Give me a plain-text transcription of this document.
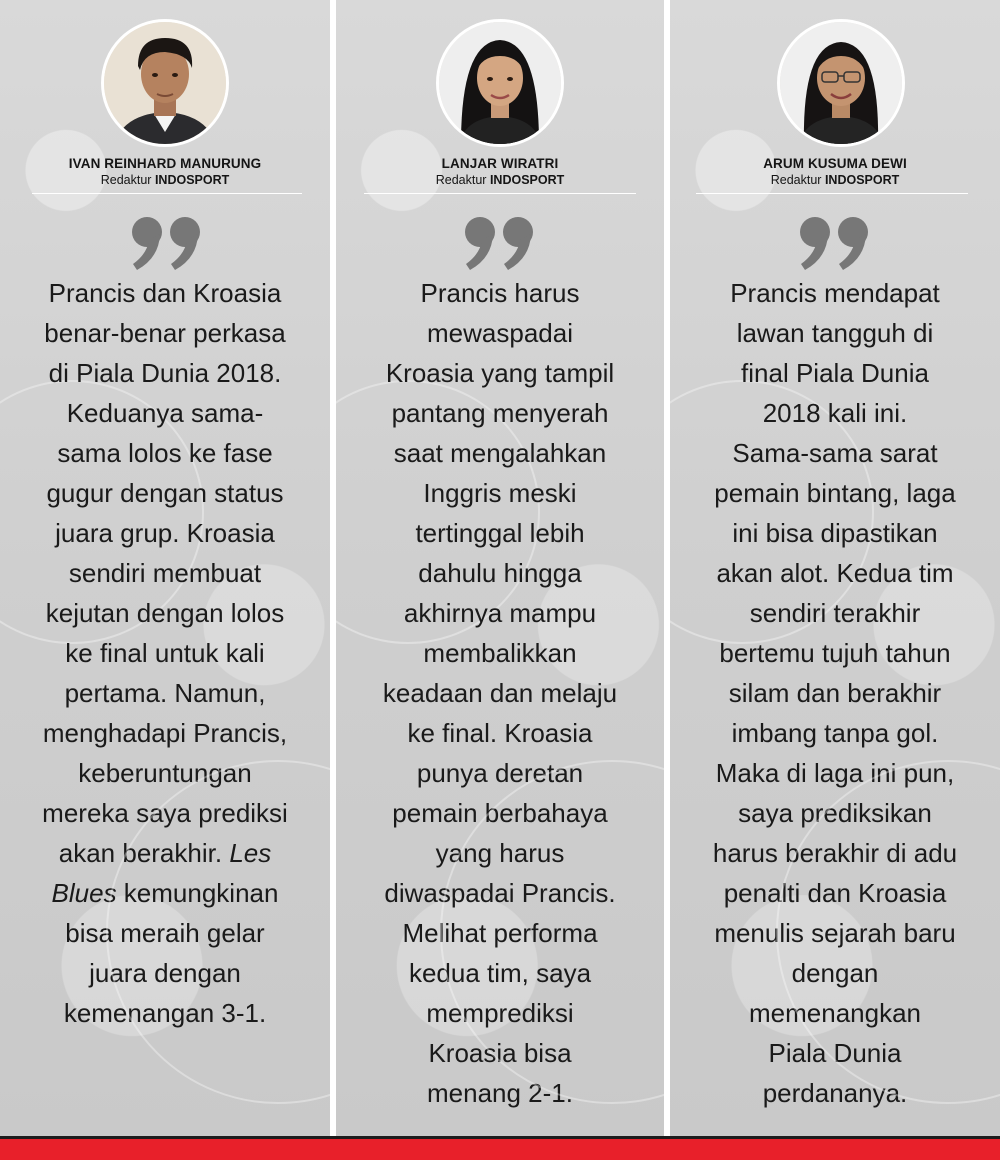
IVAN REINHARD MANURUNG
Redaktur INDOSPORT

Prancis dan Kroasia
benar-benar perkasa
di Piala Dunia 2018.
Keduanya sama-
sama lolos ke fase
gugur dengan status
juara grup. Kroasia
sendiri membuat
kejutan dengan lolos
ke final untuk kali
pertama. Namun,
menghadapi Prancis,
keberuntungan
mereka saya prediksi
akan berakhir. Les
Blues kemungkinan
bisa meraih gelar
juara dengan
kemenangan 3-1.

LANJAR WIRATRI
Redaktur INDOSPORT

Prancis harus
mewaspadai
Kroasia yang tampil
pantang menyerah
saat mengalahkan
Inggris meski
tertinggal lebih
dahulu hingga
akhirnya mampu
membalikkan
keadaan dan melaju
ke final. Kroasia
punya deretan
pemain berbahaya
yang harus
diwaspadai Prancis.
Melihat performa
kedua tim, saya
memprediksi
Kroasia bisa
menang 2-1.

ARUM KUSUMA DEWI
Redaktur INDOSPORT

Prancis mendapat
lawan tangguh di
final Piala Dunia
2018 kali ini.
Sama-sama sarat
pemain bintang, laga
ini bisa dipastikan
akan alot. Kedua tim
sendiri terakhir
bertemu tujuh tahun
silam dan berakhir
imbang tanpa gol.
Maka di laga ini pun,
saya prediksikan
harus berakhir di adu
penalti dan Kroasia
menulis sejarah baru
dengan
memenangkan
Piala Dunia
perdananya.
